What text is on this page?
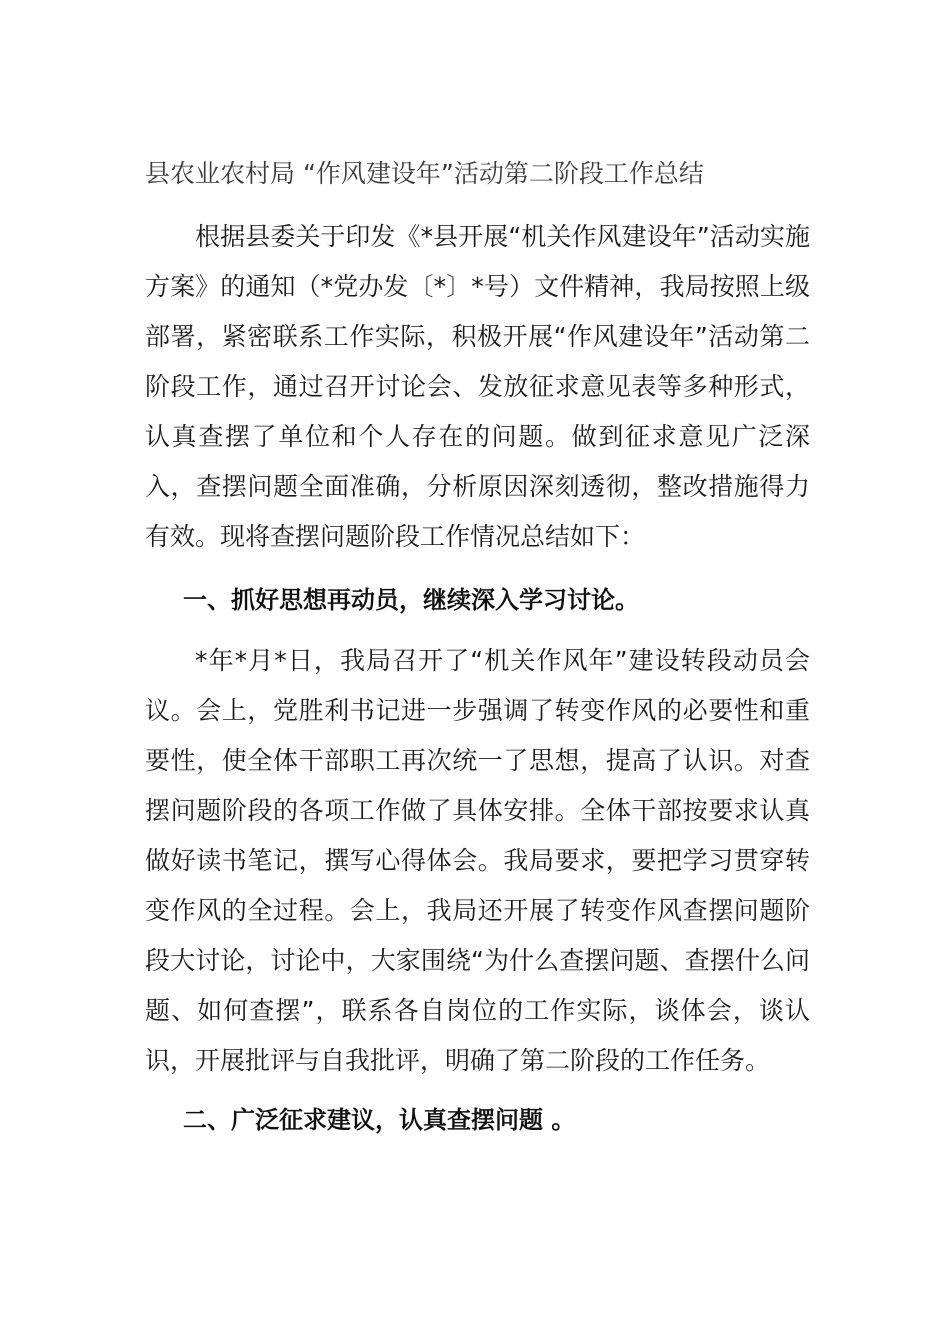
县农业农村局 “作风建设年”活动第二阶段工作总结

根据县委关于印发《*县开展“机关作风建设年”活动实施方案》的通知（*党办发〔*〕*号）文件精神，我局按照上级部署，紧密联系工作实际，积极开展“作风建设年”活动第二阶段工作，通过召开讨论会、发放征求意见表等多种形式，认真查摆了单位和个人存在的问题。做到征求意见广泛深入，查摆问题全面准确，分析原因深刻透彻，整改措施得力有效。现将查摆问题阶段工作情况总结如下：

一、抓好思想再动员，继续深入学习讨论。

*年*月*日，我局召开了“机关作风年”建设转段动员会议。会上，党胜利书记进一步强调了转变作风的必要性和重要性，使全体干部职工再次统一了思想，提高了认识。对查摆问题阶段的各项工作做了具体安排。全体干部按要求认真做好读书笔记，撰写心得体会。我局要求，要把学习贯穿转变作风的全过程。会上，我局还开展了转变作风查摆问题阶段大讨论，讨论中，大家围绕“为什么查摆问题、查摆什么问题、如何查摆”，联系各自岗位的工作实际，谈体会，谈认识，开展批评与自我批评，明确了第二阶段的工作任务。

二、广泛征求建议，认真查摆问题 。
